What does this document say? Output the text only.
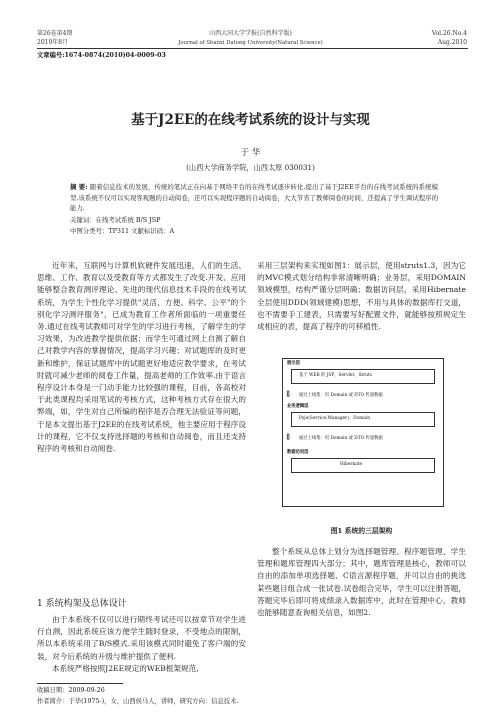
第26卷第4期
2010年8月
山西大同大学学报(自然科学版)
Journal of Shanxi Datong University(Natural Science)
Vol.26.No.4
Aug.2010
文章编号:1674-0874(2010)04-0009-03
基于J2EE的在线考试系统的设计与实现
于 华
(山西大学商务学院，山西太原 030031)
摘 要: 随着信息技术的发展，传统的笔试正在向基于网络平台的在线考试逐步转化.提出了基于J2EE平台的在线考试系统的系统模型.该系统不仅可以实现客观题的自动阅卷，还可以实现程序题的自动阅卷，大大节省了教师阅卷的时间，还提高了学生调试程序的能力.
关键词：在线考试系统 B/S JSP
中图分类号：TP311 文献标识码：A

近年来，互联网与计算机软硬件发展迅速，人们的生活、思维、工作、教育以及受教育等方式都发生了改变.开发、应用能够整合教育测评理论、先进的现代信息技术手段的在线考试系统，为学生个性化学习提供"灵活、方便、科学、公平"的个别化学习测评服务"，已成为教育工作者所面临的一项重要任务.通过在线考试教师可对学生的学习进行考核，了解学生的学习效果，为改进教学提供依据；而学生可通过网上自测了解自己对教学内容的掌握情况，提高学习兴趣；对试题库的及时更新和维护，保证试题库中的试题更好地适应教学要求，在考试时就可减少老师的阅卷工作量，提高老师的工作效率.由于语言程序设计本身是一门动手能力比较强的课程，目前，各高校对于此类课程均采用笔试的考核方式，这种考核方式存在很大的弊端，如，学生对自己所编的程序是否合理无法验证等问题，于是本文提出基于J2EE的在线考试系统，他主要应用于程序设计的课程，它不仅支持选择题的考核和自动阅卷，而且还支持程序的考核和自动阅卷.

1 系统构架及总体设计

由于本系统不仅可以进行期终考试还可以按章节对学生进行自测，因此系统应该方便学生随时登录，不受地点的限制，所以本系统采用了B/S模式.采用该模式同时避免了客户端的安装，对今后系统的升级与维护提供了便利.

本系统严格按照J2EE规定的WEB框架规范,

采用三层架构来实现如图1：展示层，使用struts1.3，因为它的MVC模式划分结构非常清晰明确；业务层，采用DOMAIN领域模型，结构严谨分层明确；数据访问层，采用Hibernate全层使用DDD(领域建模)思想，不用与具体的数据库打交道，也不需要手工建表，只需要写好配置文件，就能够按照规定生成相应的表，提高了程序的可移植性.

展示层
基于 WEB 的 JSP、Servlet、Struts
⇕	通过上线集：用 Domain 或 DTO 传递数据
业务逻辑层
Pojo(Service,Manager)、Domain
⇕	通过上线集：用 Domain 或 DTO 传递数据
数据访问层
Hibernate
图1 系统的三层架构

整个系统从总体上划分为选择题管理、程序题管理、学生管理和题库管理四大部分；其中，题库管理是核心，教师可以自由的添加单项选择题、C语言源程序题，并可以自由的挑选某些题目组合成一张试卷.试卷组合完毕，学生可以注册答题，答题完毕后即可将成绩录入数据库中，此时在管理中心，教师也能够随意查询相关信息，如图2.

收稿日期：2009-09-26
作者简介：于华(1975-)，女，山西侯马人，讲师，研究方向：信息技术.
